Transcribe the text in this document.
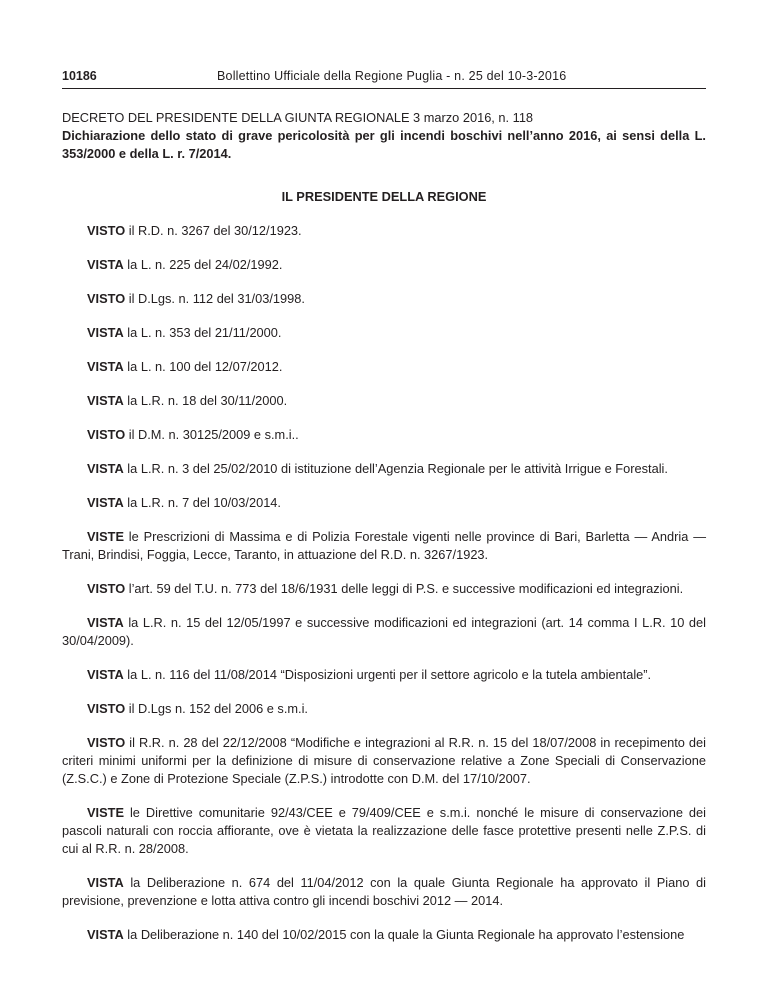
10186	Bollettino Ufficiale della Regione Puglia - n. 25 del 10-3-2016

DECRETO DEL PRESIDENTE DELLA GIUNTA REGIONALE 3 marzo 2016, n. 118

Dichiarazione dello stato di grave pericolosità per gli incendi boschivi nell’anno 2016, ai sensi della L. 353/2000 e della L. r. 7/2014.

IL PRESIDENTE DELLA REGIONE

VISTO il R.D. n. 3267 del 30/12/1923.

VISTA la L. n. 225 del 24/02/1992.

VISTO il D.Lgs. n. 112 del 31/03/1998.

VISTA la L. n. 353 del 21/11/2000.

VISTA la L. n. 100 del 12/07/2012.

VISTA la L.R. n. 18 del 30/11/2000.

VISTO il D.M. n. 30125/2009 e s.m.i..

VISTA la L.R. n. 3 del 25/02/2010 di istituzione dell’Agenzia Regionale per le attività Irrigue e Forestali.

VISTA la L.R. n. 7 del 10/03/2014.

VISTE le Prescrizioni di Massima e di Polizia Forestale vigenti nelle province di Bari, Barletta — Andria — Trani, Brindisi, Foggia, Lecce, Taranto, in attuazione del R.D. n. 3267/1923.

VISTO l’art. 59 del T.U. n. 773 del 18/6/1931 delle leggi di P.S. e successive modificazioni ed integrazioni.

VISTA la L.R. n. 15 del 12/05/1997 e successive modificazioni ed integrazioni (art. 14 comma I L.R. 10 del 30/04/2009).

VISTA la L. n. 116 del 11/08/2014 “Disposizioni urgenti per il settore agricolo e la tutela ambientale”.

VISTO il D.Lgs n. 152 del 2006 e s.m.i.

VISTO il R.R. n. 28 del 22/12/2008 “Modifiche e integrazioni al R.R. n. 15 del 18/07/2008 in recepimento dei criteri minimi uniformi per la definizione di misure di conservazione relative a Zone Speciali di Conservazione (Z.S.C.) e Zone di Protezione Speciale (Z.P.S.) introdotte con D.M. del 17/10/2007.

VISTE le Direttive comunitarie 92/43/CEE e 79/409/CEE e s.m.i. nonché le misure di conservazione dei pascoli naturali con roccia affiorante, ove è vietata la realizzazione delle fasce protettive presenti nelle Z.P.S. di cui al R.R. n. 28/2008.

VISTA la Deliberazione n. 674 del 11/04/2012 con la quale Giunta Regionale ha approvato il Piano di previsione, prevenzione e lotta attiva contro gli incendi boschivi 2012 — 2014.

VISTA la Deliberazione n. 140 del 10/02/2015 con la quale la Giunta Regionale ha approvato l’estensione
